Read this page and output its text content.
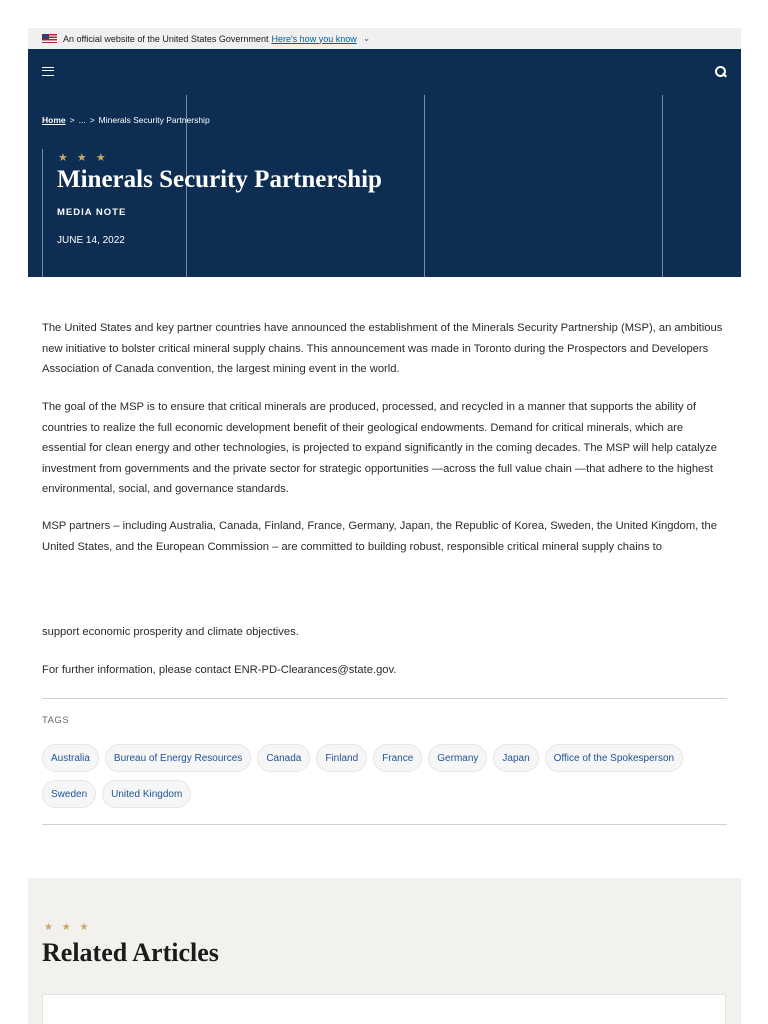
An official website of the United States Government Here's how you know ⌄
Home > ... > Minerals Security Partnership
★ ★ ★
Minerals Security Partnership
MEDIA NOTE
JUNE 14, 2022

The United States and key partner countries have announced the establishment of the Minerals Security Partnership (MSP), an ambitious new initiative to bolster critical mineral supply chains. This announcement was made in Toronto during the Prospectors and Developers Association of Canada convention, the largest mining event in the world.

The goal of the MSP is to ensure that critical minerals are produced, processed, and recycled in a manner that supports the ability of countries to realize the full economic development benefit of their geological endowments. Demand for critical minerals, which are essential for clean energy and other technologies, is projected to expand significantly in the coming decades. The MSP will help catalyze investment from governments and the private sector for strategic opportunities —across the full value chain —that adhere to the highest environmental, social, and governance standards.

MSP partners – including Australia, Canada, Finland, France, Germany, Japan, the Republic of Korea, Sweden, the United Kingdom, the United States, and the European Commission – are committed to building robust, responsible critical mineral supply chains to

support economic prosperity and climate objectives.

For further information, please contact ENR-PD-Clearances@state.gov.

TAGS
Australia	Bureau of Energy Resources	Canada	Finland	France	Germany	Japan	Office of the Spokesperson
Sweden	United Kingdom
★ ★ ★
Related Articles
